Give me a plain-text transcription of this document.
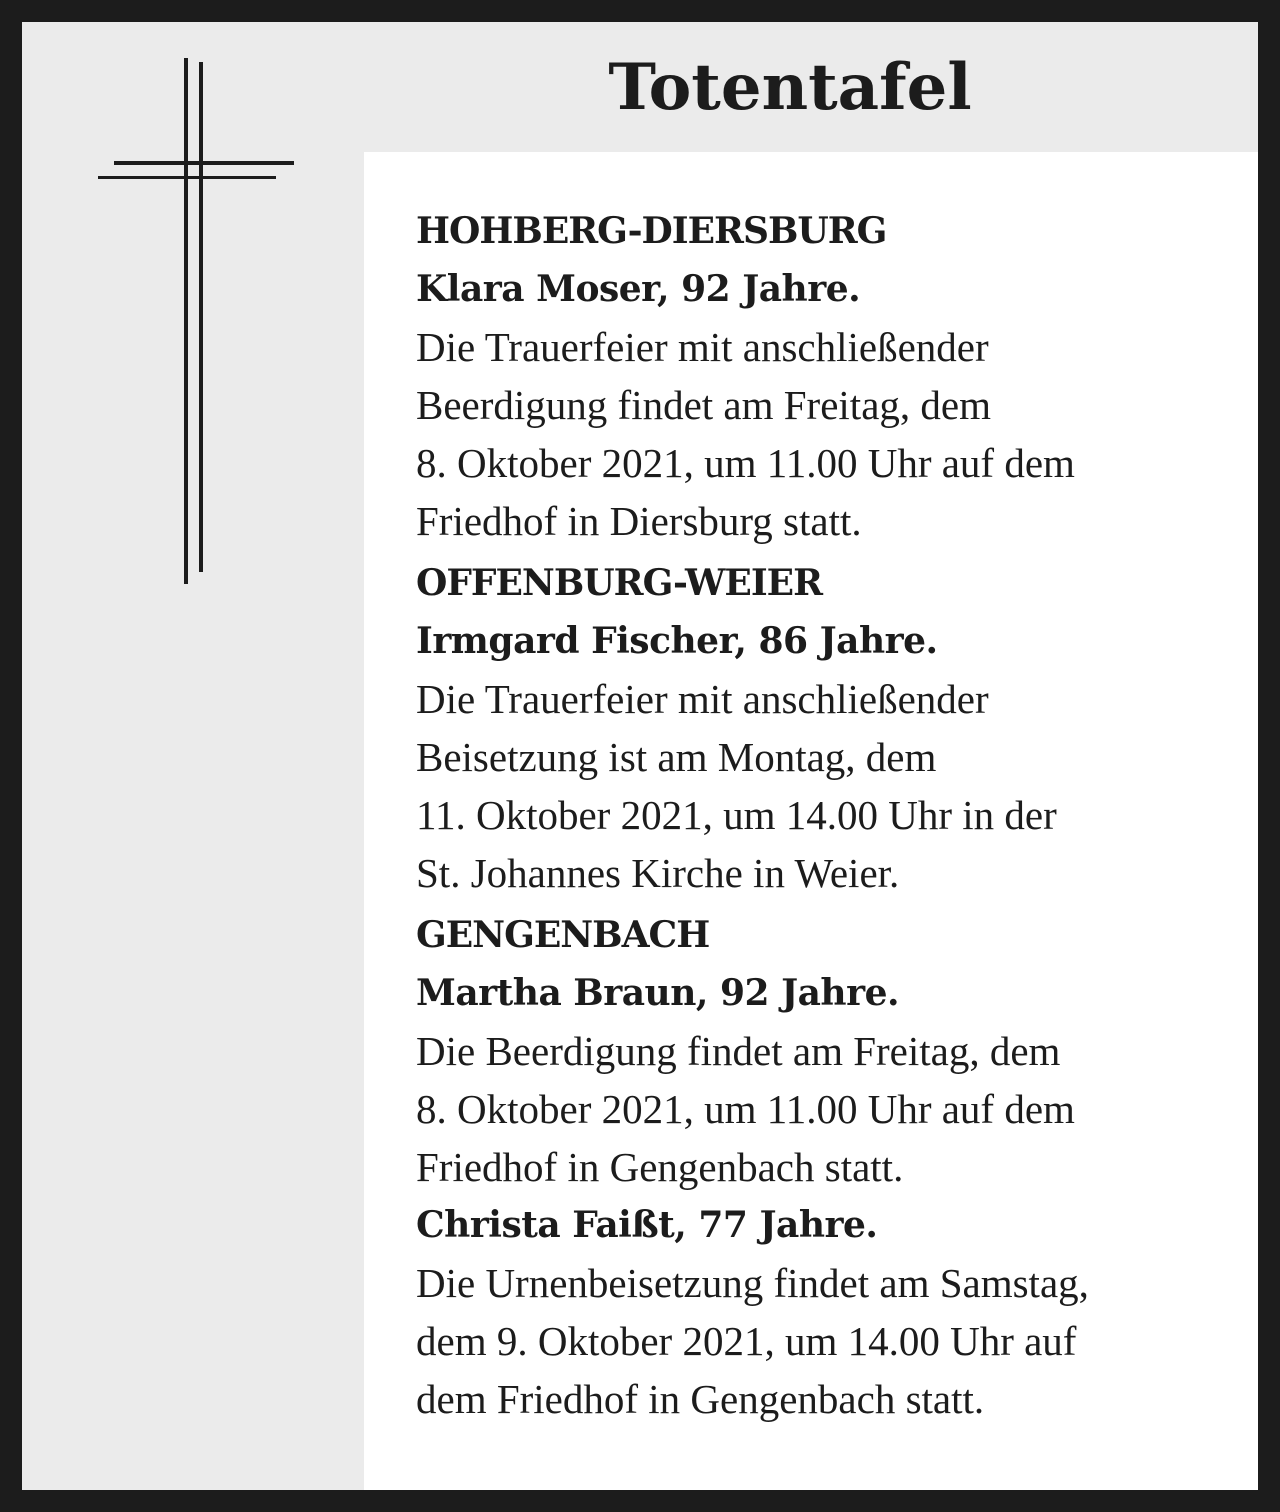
Totentafel

HOHBERG-DIERSBURG

Klara Moser, 92 Jahre.

Die Trauerfeier mit anschließender
Beerdigung findet am Freitag, dem
8. Oktober 2021, um 11.00 Uhr auf dem
Friedhof in Diersburg statt.

OFFENBURG-WEIER

Irmgard Fischer, 86 Jahre.

Die Trauerfeier mit anschließender
Beisetzung ist am Montag, dem
11. Oktober 2021, um 14.00 Uhr in der
St. Johannes Kirche in Weier.

GENGENBACH

Martha Braun, 92 Jahre.

Die Beerdigung findet am Freitag, dem
8. Oktober 2021, um 11.00 Uhr auf dem
Friedhof in Gengenbach statt.

Christa Faißt, 77 Jahre.

Die Urnenbeisetzung findet am Samstag,
dem 9. Oktober 2021, um 14.00 Uhr auf
dem Friedhof in Gengenbach statt.
